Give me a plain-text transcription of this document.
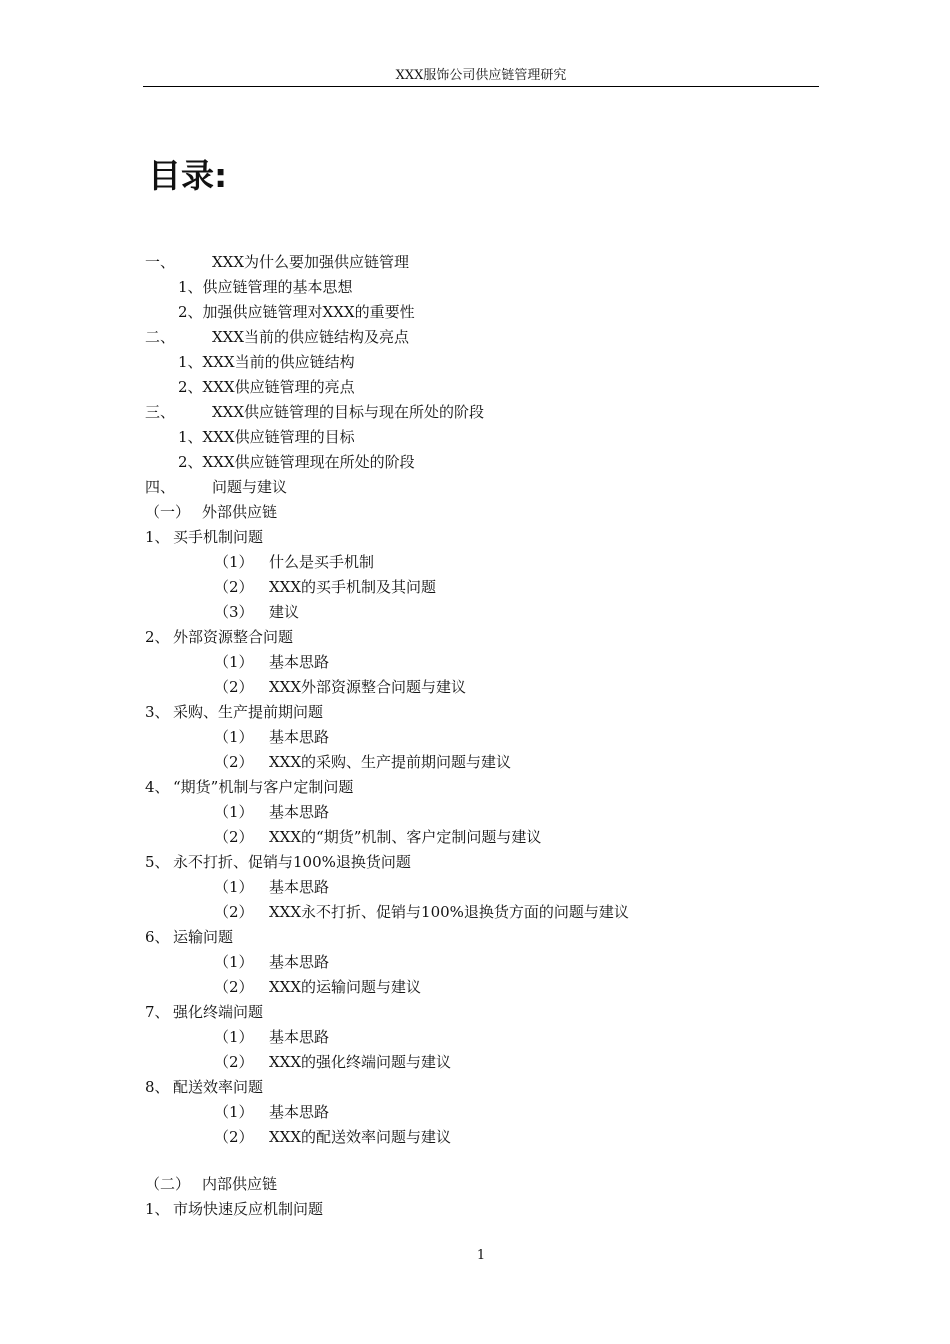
XXX服饰公司供应链管理研究
目录:
一、 XXX为什么要加强供应链管理
1、供应链管理的基本思想
2、加强供应链管理对XXX的重要性
二、 XXX当前的供应链结构及亮点
1、XXX当前的供应链结构
2、XXX供应链管理的亮点
三、 XXX供应链管理的目标与现在所处的阶段
1、XXX供应链管理的目标
2、XXX供应链管理现在所处的阶段
四、 问题与建议
（一） 外部供应链
1、 买手机制问题
（1） 什么是买手机制
（2） XXX的买手机制及其问题
（3） 建议
2、 外部资源整合问题
（1） 基本思路
（2） XXX外部资源整合问题与建议
3、 采购、生产提前期问题
（1） 基本思路
（2） XXX的采购、生产提前期问题与建议
4、 “期货”机制与客户定制问题
（1） 基本思路
（2） XXX的“期货”机制、客户定制问题与建议
5、 永不打折、促销与100%退换货问题
（1） 基本思路
（2） XXX永不打折、促销与100%退换货方面的问题与建议
6、 运输问题
（1） 基本思路
（2） XXX的运输问题与建议
7、 强化终端问题
（1） 基本思路
（2） XXX的强化终端问题与建议
8、 配送效率问题
（1） 基本思路
（2） XXX的配送效率问题与建议
（二） 内部供应链
1、 市场快速反应机制问题
1
